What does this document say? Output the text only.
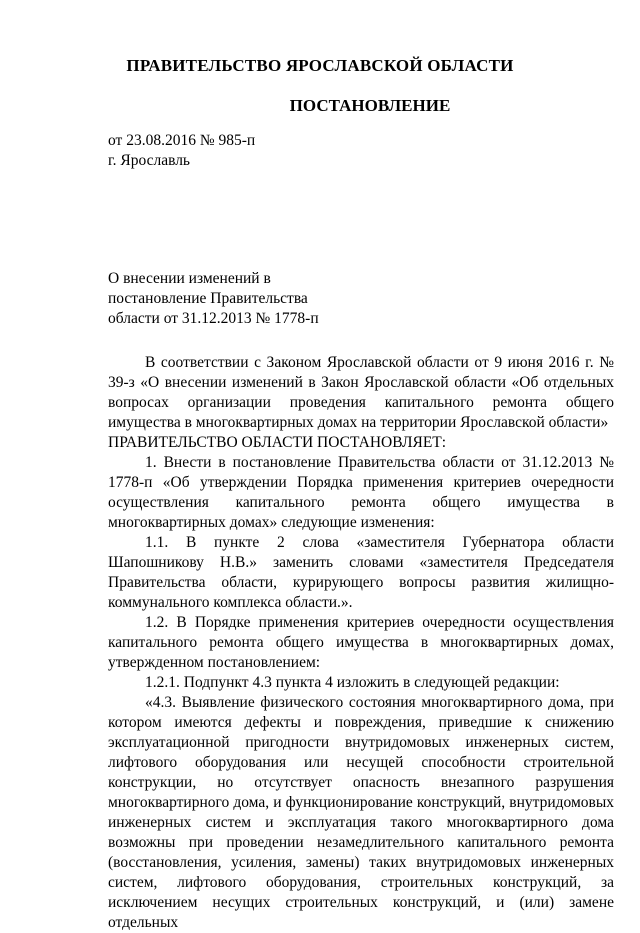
ПРАВИТЕЛЬСТВО ЯРОСЛАВСКОЙ ОБЛАСТИ
ПОСТАНОВЛЕНИЕ
от 23.08.2016 № 985-п
г. Ярославль
О внесении изменений в
постановление Правительства
области от 31.12.2013 № 1778-п

В соответствии с Законом Ярославской области от 9 июня 2016 г. № 39-з «О внесении изменений в Закон Ярославской области «Об отдельных вопросах организации проведения капитального ремонта общего имущества в многоквартирных домах на территории Ярославской области»

ПРАВИТЕЛЬСТВО ОБЛАСТИ ПОСТАНОВЛЯЕТ:

1. Внести в постановление Правительства области от 31.12.2013 № 1778-п «Об утверждении Порядка применения критериев очередности осуществления капитального ремонта общего имущества в многоквартирных домах» следующие изменения:

1.1. В пункте 2 слова «заместителя Губернатора области Шапошникову Н.В.» заменить словами «заместителя Председателя Правительства области, курирующего вопросы развития жилищно-коммунального комплекса области.».

1.2. В Порядке применения критериев очередности осуществления капитального ремонта общего имущества в многоквартирных домах, утвержденном постановлением:

1.2.1. Подпункт 4.3 пункта 4 изложить в следующей редакции:

«4.3. Выявление физического состояния многоквартирного дома, при котором имеются дефекты и повреждения, приведшие к снижению эксплуатационной пригодности внутридомовых инженерных систем, лифтового оборудования или несущей способности строительной конструкции, но отсутствует опасность внезапного разрушения многоквартирного дома, и функционирование конструкций, внутридомовых инженерных систем и эксплуатация такого многоквартирного дома возможны при проведении незамедлительного капитального ремонта (восстановления, усиления, замены) таких внутридомовых инженерных систем, лифтового оборудования, строительных конструкций, за исключением несущих строительных конструкций, и (или) замене отдельных
